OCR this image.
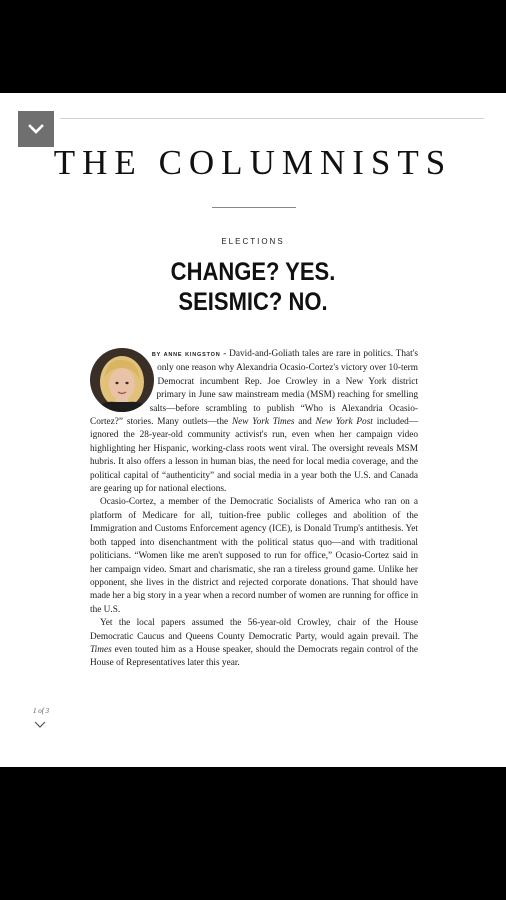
THE COLUMNISTS
ELECTIONS
CHANGE? YES.
SEISMIC? NO.

BY ANNE KINGSTON - David-and-Goliath tales are rare in politics. That's only one reason why Alexandria Ocasio-Cortez's victory over 10-term Democrat incumbent Rep. Joe Crowley in a New York district primary in June saw mainstream media (MSM) reaching for smelling salts—before scrambling to publish “Who is Alexandria Ocasio-Cortez?” stories. Many outlets—the New York Times and New York Post included—ignored the 28-year-old community activist's run, even when her campaign video highlighting her Hispanic, working-class roots went viral. The oversight reveals MSM hubris. It also offers a lesson in human bias, the need for local media coverage, and the political capital of “authenticity” and social media in a year both the U.S. and Canada are gearing up for national elections.

Ocasio-Cortez, a member of the Democratic Socialists of America who ran on a platform of Medicare for all, tuition-free public colleges and abolition of the Immigration and Customs Enforcement agency (ICE), is Donald Trump's antithesis. Yet both tapped into disenchantment with the political status quo—and with traditional politicians. “Women like me aren't supposed to run for office,” Ocasio-Cortez said in her campaign video. Smart and charismatic, she ran a tireless ground game. Unlike her opponent, she lives in the district and rejected corporate donations. That should have made her a big story in a year when a record number of women are running for office in the U.S.

Yet the local papers assumed the 56-year-old Crowley, chair of the House Democratic Caucus and Queens County Democratic Party, would again prevail. The Times even touted him as a House speaker, should the Democrats regain control of the House of Representatives later this year.

1 of 3
